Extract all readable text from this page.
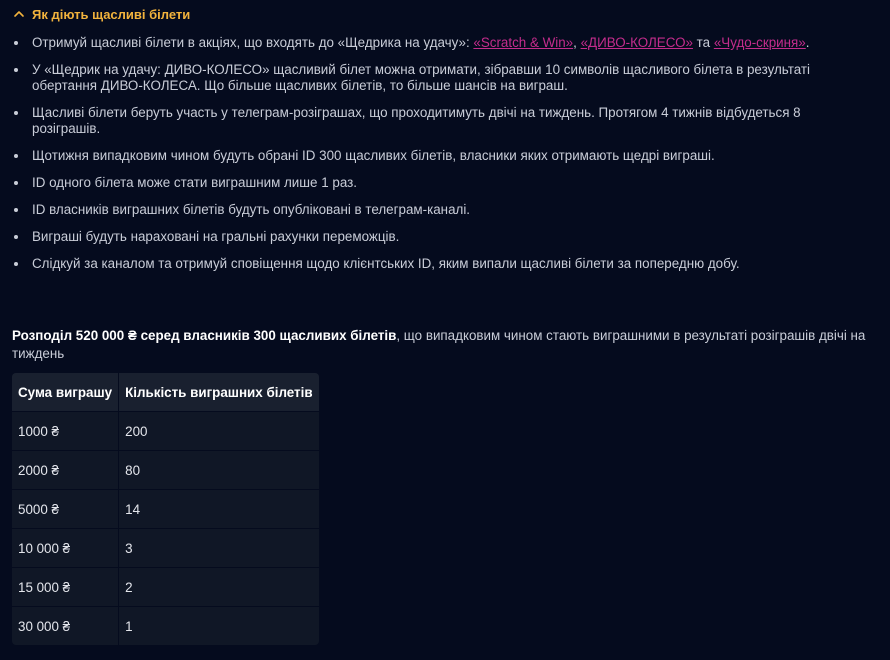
Як діють щасливі білети
Отримуй щасливі білети в акціях, що входять до «Щедрика на удачу»: «Scratch & Win», «ДИВО-КОЛЕСО» та «Чудо-скриня».
У «Щедрик на удачу: ДИВО-КОЛЕСО» щасливий білет можна отримати, зібравши 10 символів щасливого білета в результаті обертання ДИВО-КОЛЕСА. Що більше щасливих білетів, то більше шансів на виграш.
Щасливі білети беруть участь у телеграм-розіграшах, що проходитимуть двічі на тиждень. Протягом 4 тижнів відбудеться 8 розіграшів.
Щотижня випадковим чином будуть обрані ID 300 щасливих білетів, власники яких отримають щедрі виграші.
ID одного білета може стати виграшним лише 1 раз.
ID власників виграшних білетів будуть опубліковані в телеграм-каналі.
Виграші будуть нараховані на гральні рахунки переможців.
Слідкуй за каналом та отримуй сповіщення щодо клієнтських ID, яким випали щасливі білети за попередню добу.
Розподіл 520 000 ₴ серед власників 300 щасливих білетів, що випадковим чином стають виграшними в результаті розіграшів двічі на тиждень
Сума виграшу	Кількість виграшних білетів
1000 ₴	200
2000 ₴	80
5000 ₴	14
10 000 ₴	3
15 000 ₴	2
30 000 ₴	1
